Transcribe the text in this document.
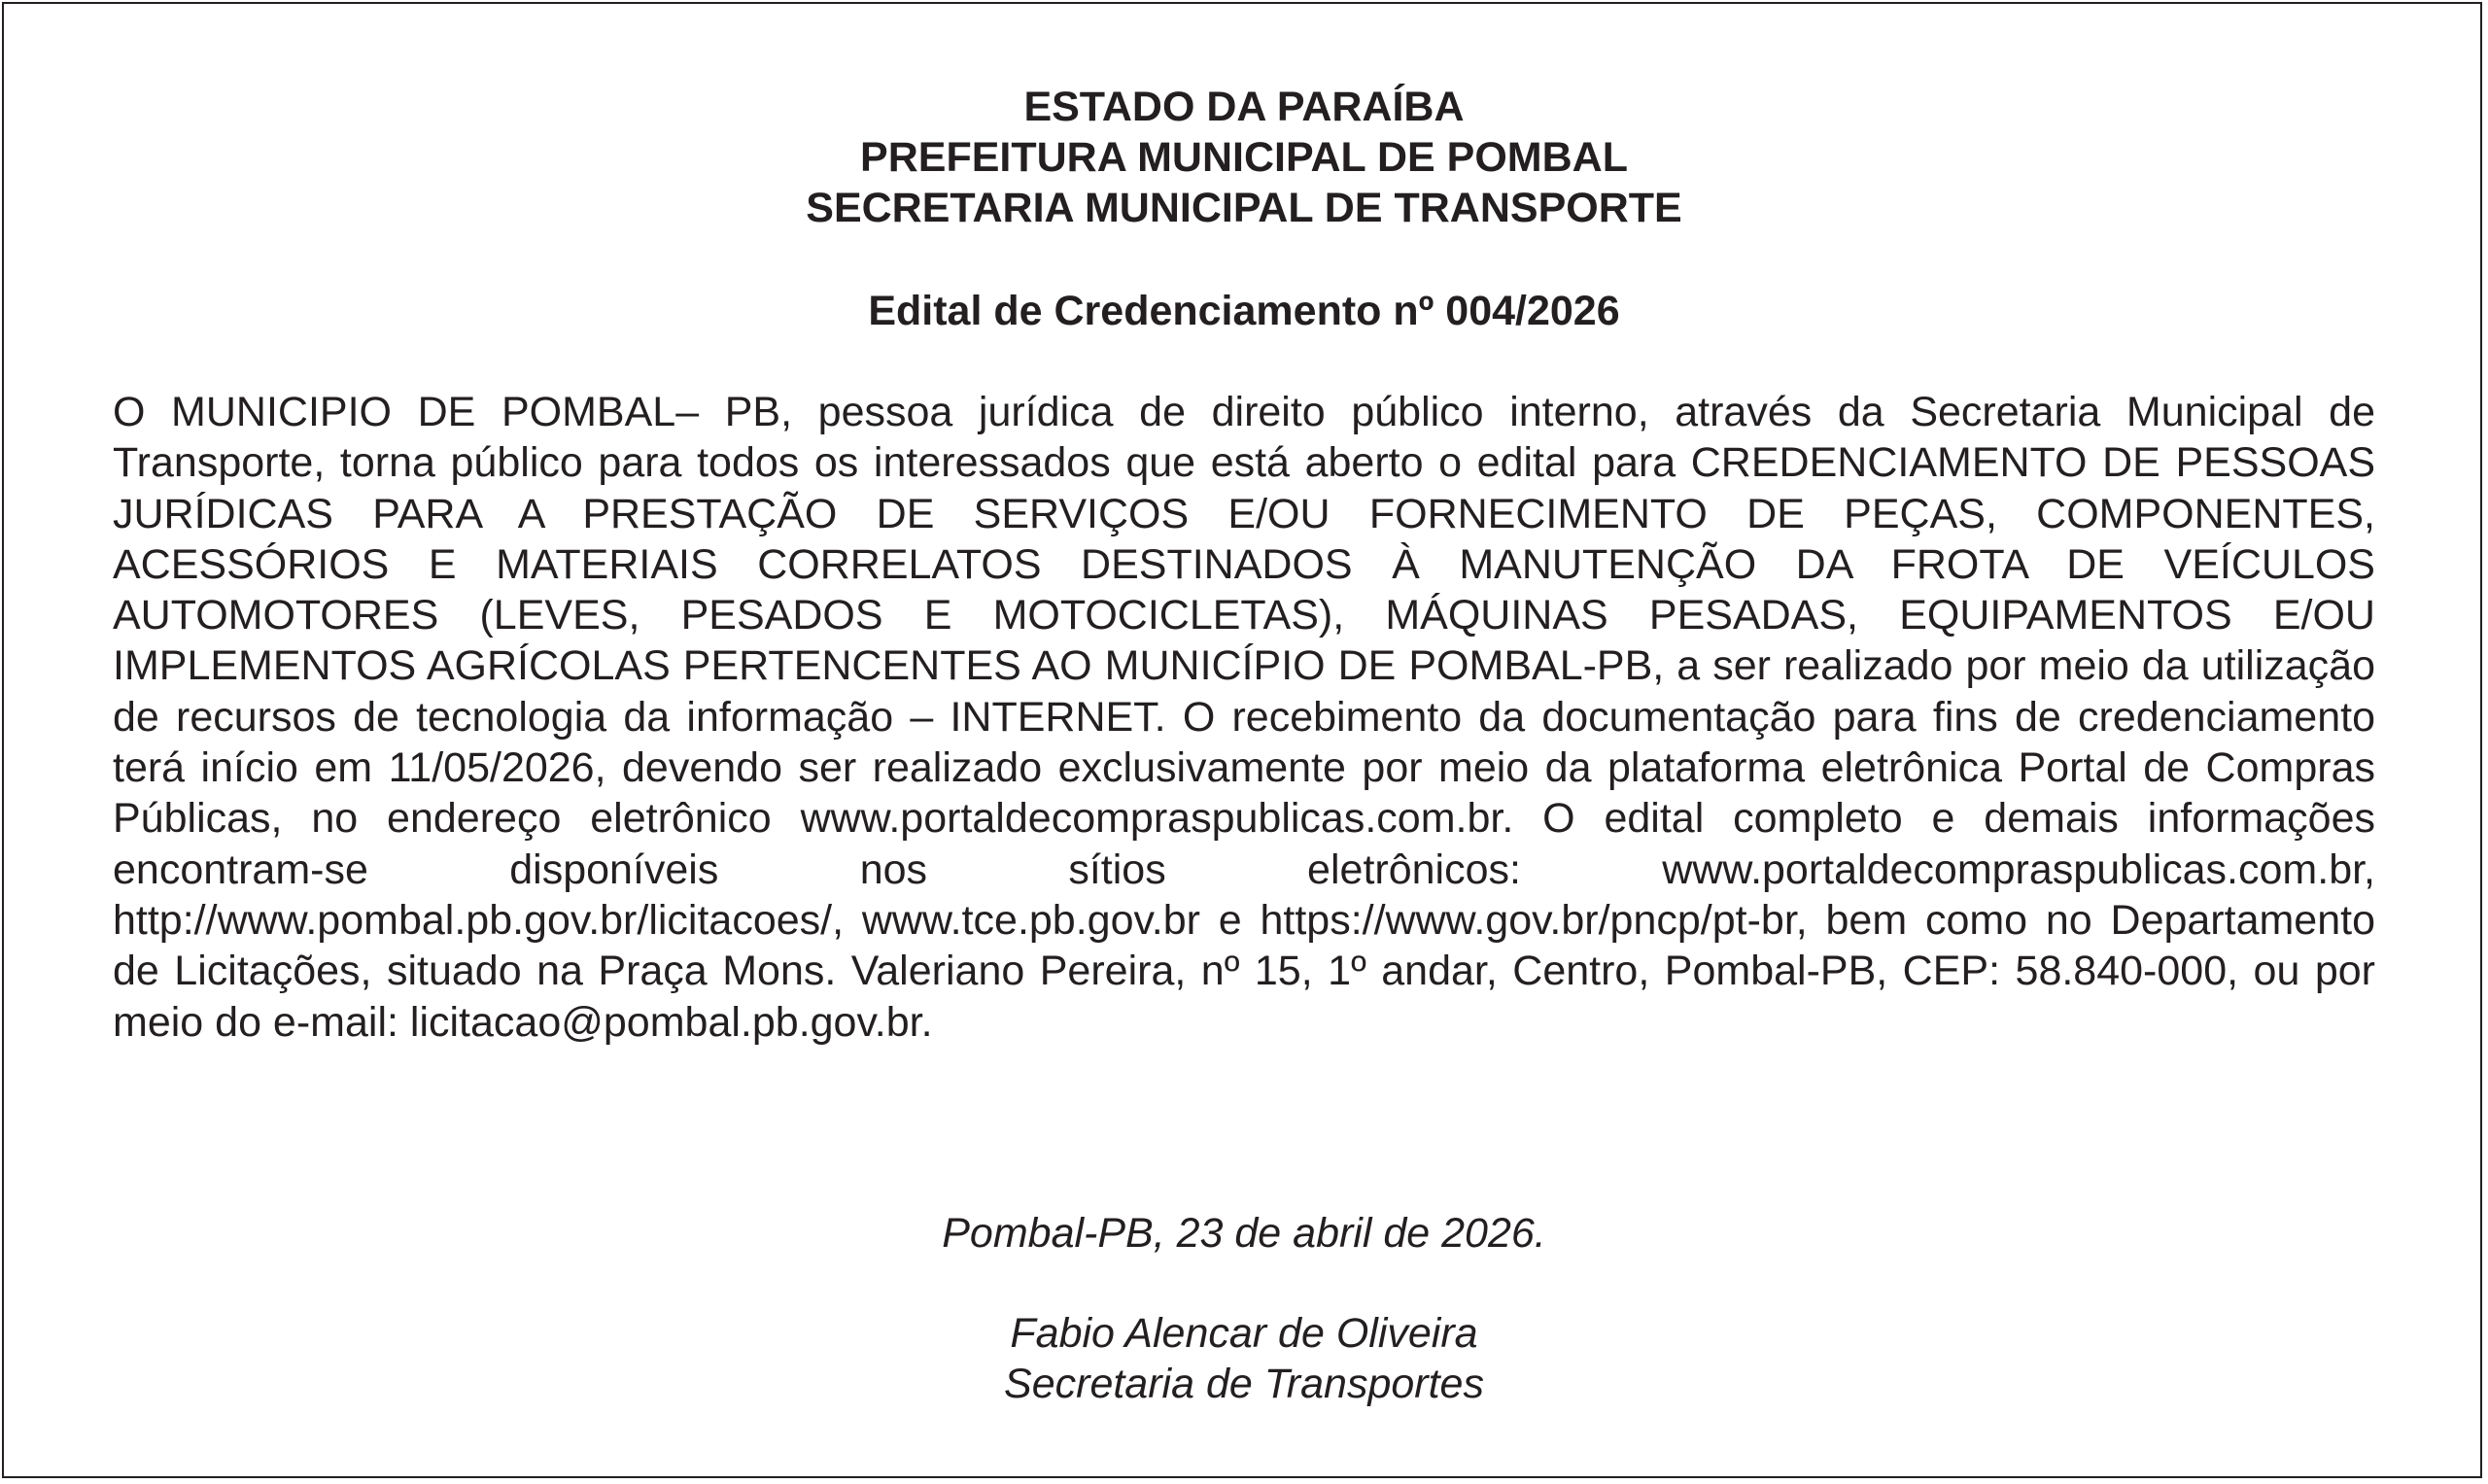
ESTADO DA PARAÍBA
PREFEITURA MUNICIPAL DE POMBAL
SECRETARIA MUNICIPAL DE TRANSPORTE
Edital de Credenciamento nº 004/2026
O MUNICIPIO DE POMBAL– PB, pessoa jurídica de direito público interno, através da Secretaria Municipal de Transporte, torna público para todos os interessados que está aberto o edital para CREDENCIAMENTO DE PESSOAS JURÍDICAS PARA A PRESTAÇÃO DE SERVIÇOS E/OU FORNECIMENTO DE PEÇAS, COMPONENTES, ACESSÓRIOS E MATERIAIS CORRELATOS DESTINADOS À MANUTENÇÃO DA FROTA DE VEÍCULOS AUTOMOTORES (LEVES, PESADOS E MOTOCICLETAS), MÁQUINAS PESADAS, EQUIPAMENTOS E/OU IMPLEMENTOS AGRÍCOLAS PERTENCENTES AO MUNICÍPIO DE POMBAL-PB, a ser realizado por meio da utilização de recursos de tecnologia da informação – INTERNET. O recebimento da documentação para fins de credenciamento terá início em 11/05/2026, devendo ser realizado exclusivamente por meio da plataforma eletrônica Portal de Compras Públicas, no endereço eletrônico www.portaldecompraspublicas.com.br. O edital completo e demais informações encontram-se disponíveis nos sítios eletrônicos: www.portaldecompraspublicas.com.br, http://www.pombal.pb.gov.br/licitacoes/, www.tce.pb.gov.br e https://www.gov.br/pncp/pt-br, bem como no Departamento de Licitações, situado na Praça Mons. Valeriano Pereira, nº 15, 1º andar, Centro, Pombal-PB, CEP: 58.840-000, ou por meio do e-mail: licitacao@pombal.pb.gov.br.
Pombal-PB, 23 de abril de 2026.
Fabio Alencar de Oliveira
Secretaria de Transportes
